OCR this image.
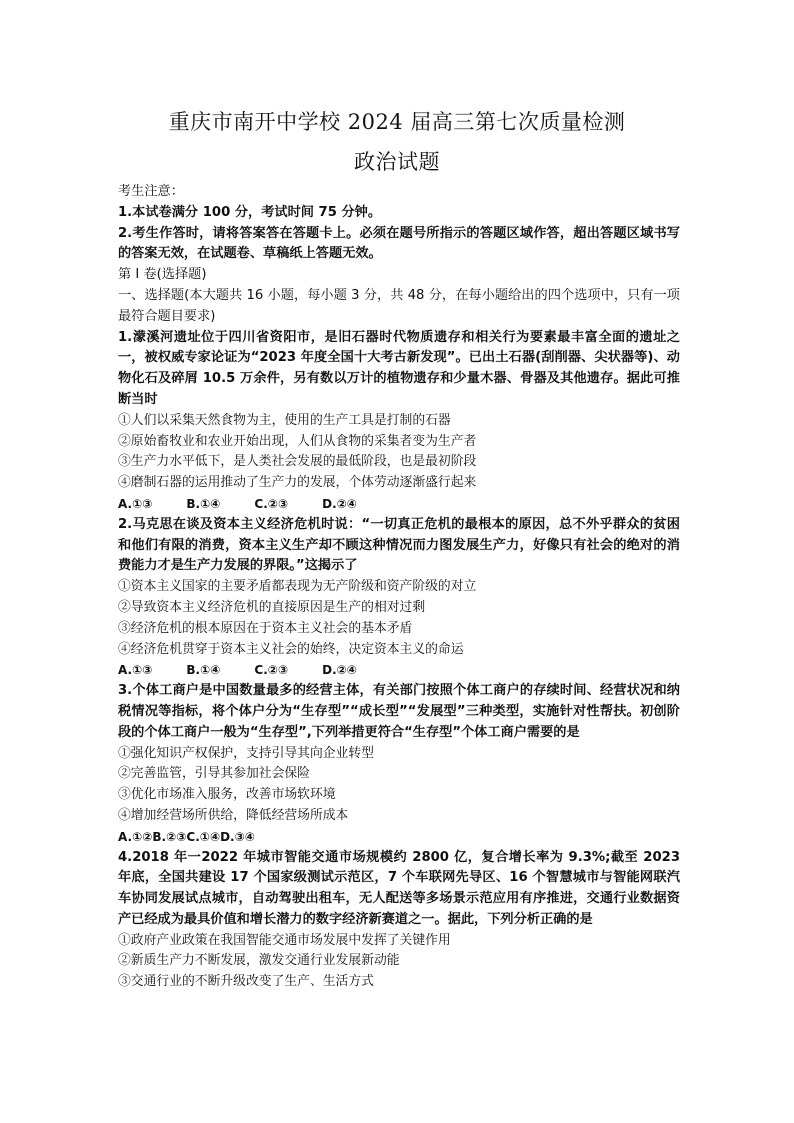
重庆市南开中学校 2024 届高三第七次质量检测
政治试题

考生注意：

1.本试卷满分 100 分，考试时间 75 分钟。

2.考生作答时，请将答案答在答题卡上。必须在题号所指示的答题区域作答，超出答题区域书写的答案无效，在试题卷、草稿纸上答题无效。

第 I 卷(选择题)

一、选择题(本大题共 16 小题，每小题 3 分，共 48 分，在每小题给出的四个选项中，只有一项最符合题目要求)

1.濛溪河遗址位于四川省资阳市，是旧石器时代物质遗存和相关行为要素最丰富全面的遗址之一，被权威专家论证为“2023 年度全国十大考古新发现”。已出土石器(刮削器、尖状器等)、动物化石及碎屑 10.5 万余件，另有数以万计的植物遗存和少量木器、骨器及其他遗存。据此可推断当时

①人们以采集天然食物为主，使用的生产工具是打制的石器

②原始畜牧业和农业开始出现，人们从食物的采集者变为生产者

③生产力水平低下，是人类社会发展的最低阶段，也是最初阶段

④磨制石器的运用推动了生产力的发展，个体劳动逐渐盛行起来

A.①③	B.①④	C.②③	D.②④

2.马克思在谈及资本主义经济危机时说：“一切真正危机的最根本的原因，总不外乎群众的贫困和他们有限的消费，资本主义生产却不顾这种情况而力图发展生产力，好像只有社会的绝对的消费能力才是生产力发展的界限。”这揭示了

①资本主义国家的主要矛盾都表现为无产阶级和资产阶级的对立

②导致资本主义经济危机的直接原因是生产的相对过剩

③经济危机的根本原因在于资本主义社会的基本矛盾

④经济危机贯穿于资本主义社会的始终，决定资本主义的命运

A.①③	B.①④	C.②③	D.②④

3.个体工商户是中国数量最多的经营主体，有关部门按照个体工商户的存续时间、经营状况和纳税情况等指标，将个体户分为“生存型”“成长型”“发展型”三种类型，实施针对性帮扶。初创阶段的个体工商户一般为“生存型”,下列举措更符合“生存型”个体工商户需要的是

①强化知识产权保护，支持引导其向企业转型

②完善监管，引导其参加社会保险

③优化市场准入服务，改善市场软环境

④增加经营场所供给，降低经营场所成本

A.①②B.②③C.①④D.③④

4.2018 年一2022 年城市智能交通市场规模约 2800 亿，复合增长率为 9.3%;截至 2023 年底，全国共建设 17 个国家级测试示范区，7 个车联网先导区、16 个智慧城市与智能网联汽车协同发展试点城市，自动驾驶出租车，无人配送等多场景示范应用有序推进，交通行业数据资产已经成为最具价值和增长潜力的数字经济新赛道之一。据此，下列分析正确的是

①政府产业政策在我国智能交通市场发展中发挥了关键作用

②新质生产力不断发展，激发交通行业发展新动能

③交通行业的不断升级改变了生产、生活方式
